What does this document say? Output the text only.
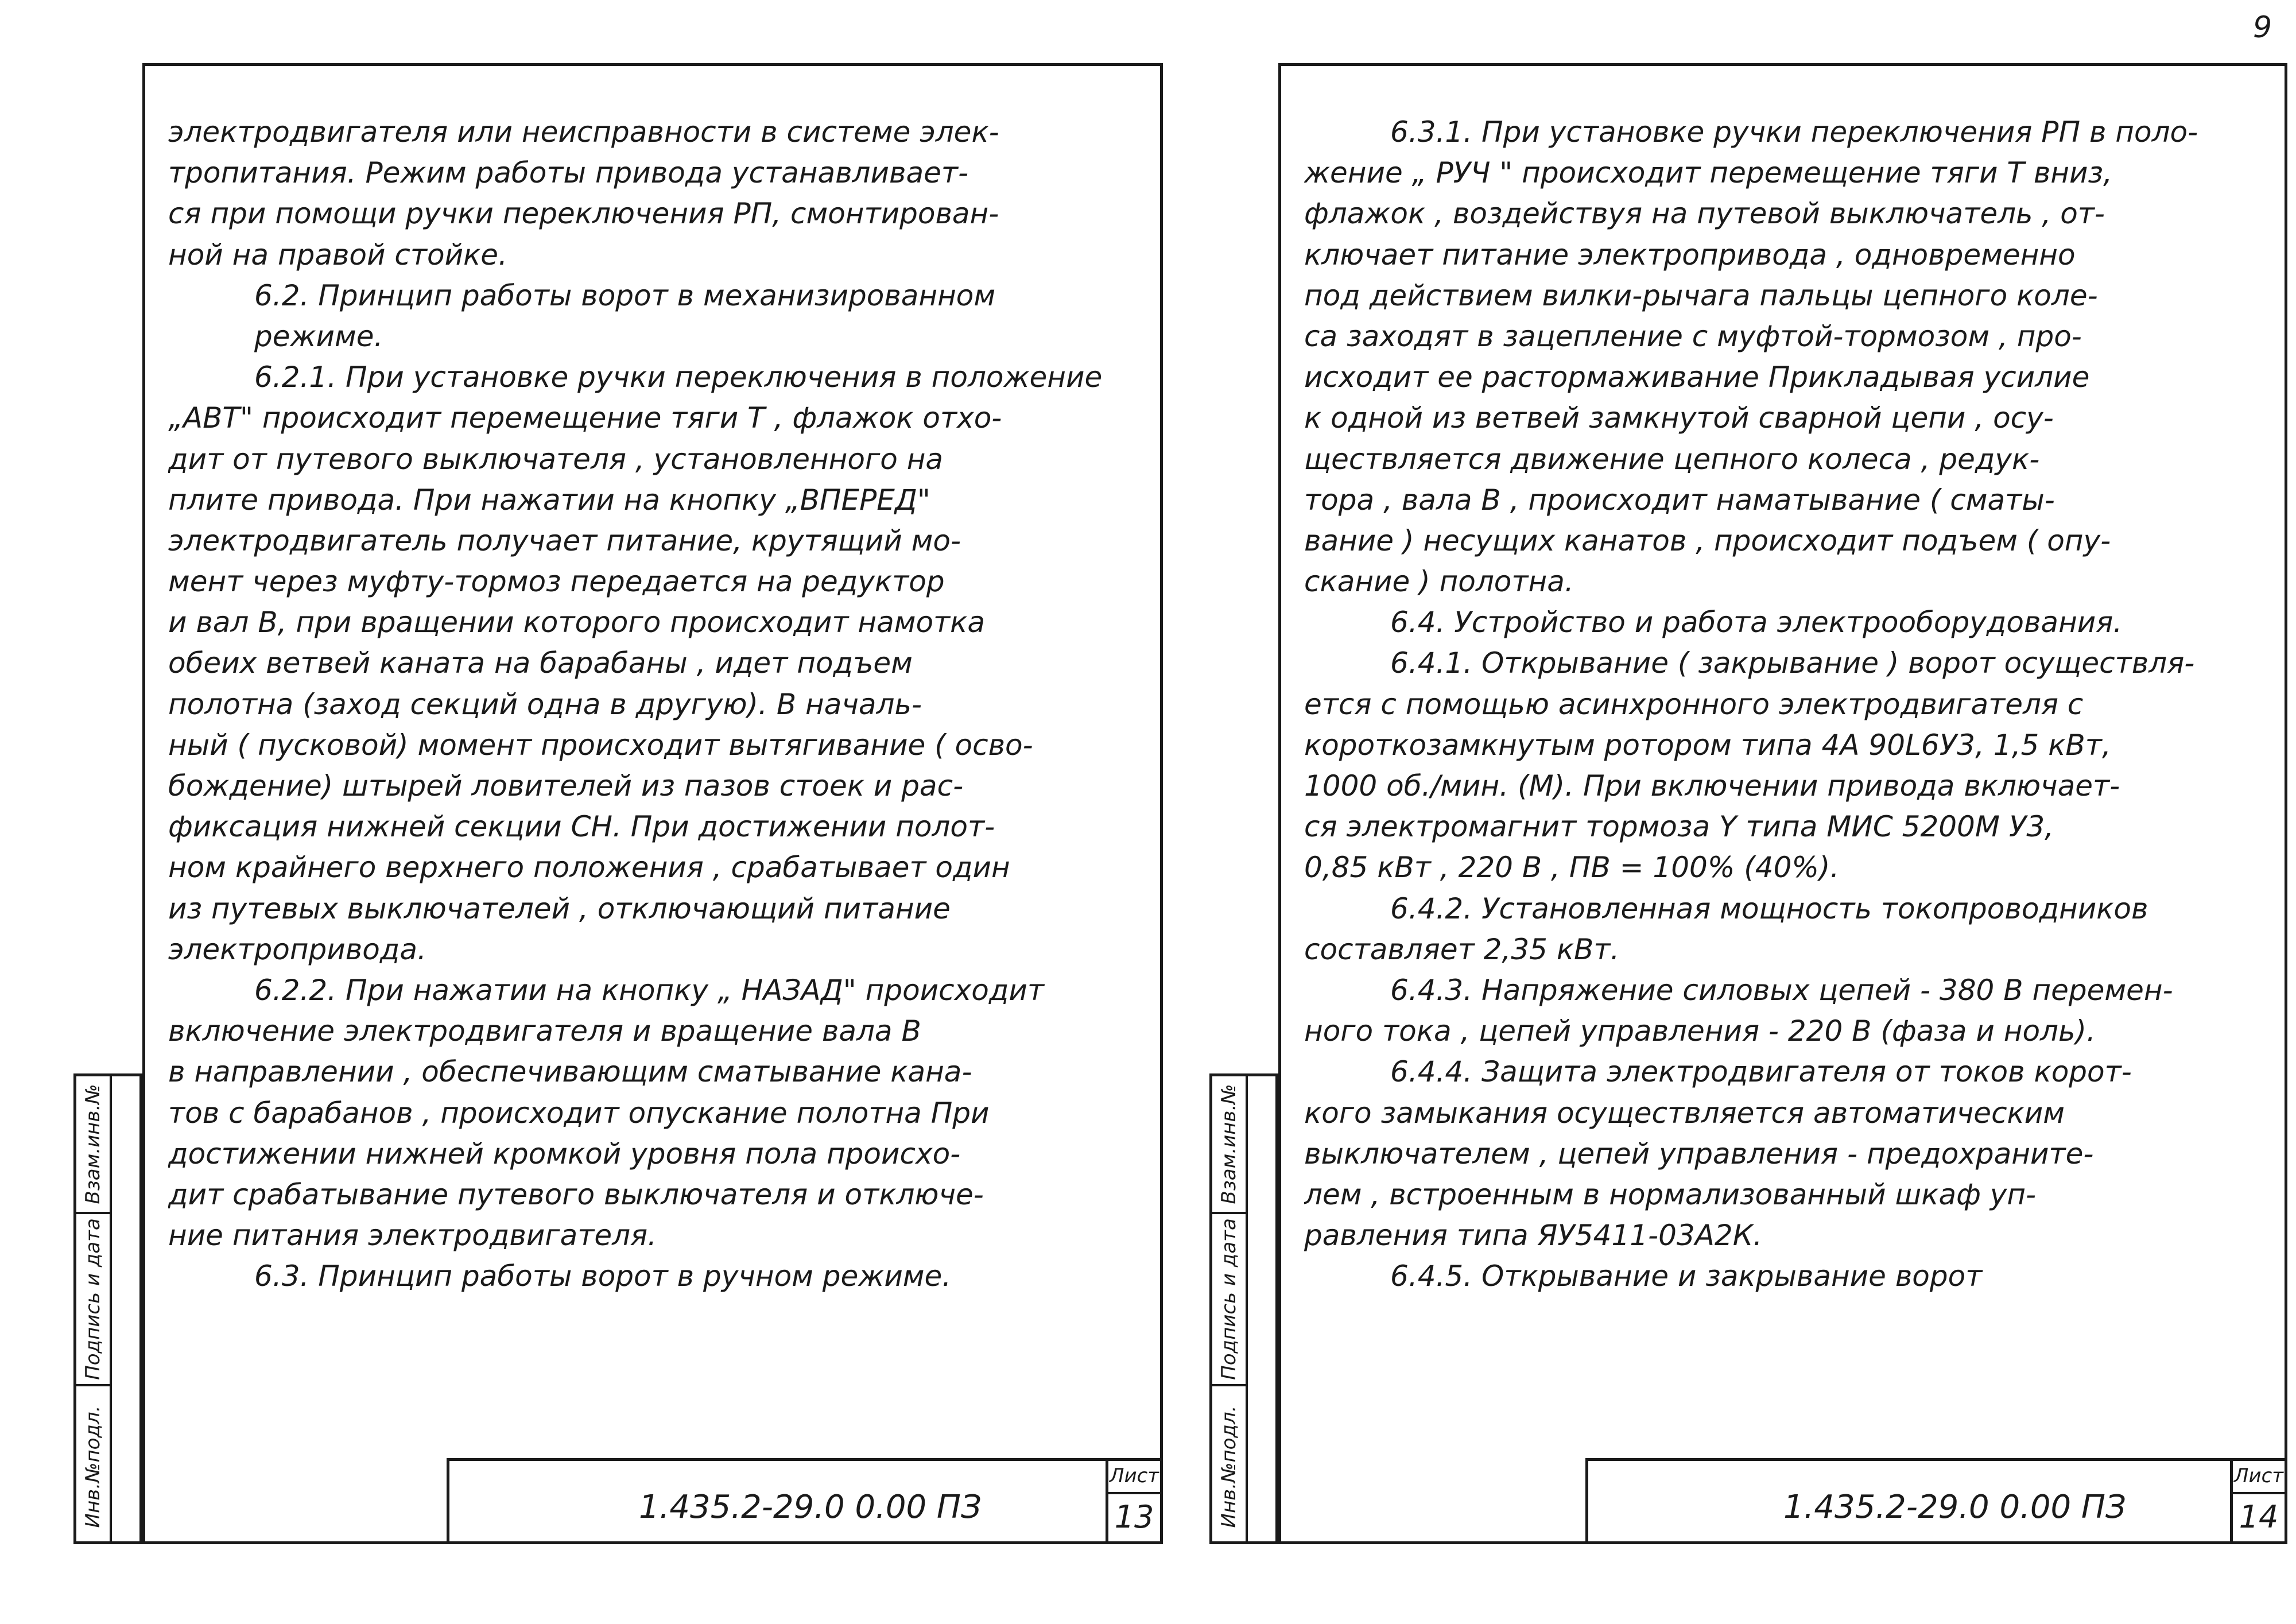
9
электродвигателя или неисправности в системе элек-
тропитания. Режим работы привода устанавливает-
ся при помощи ручки переключения РП, смонтирован-
ной на правой стойке.
6.2. Принцип работы ворот в механизированном
режиме.
6.2.1. При установке ручки переключения в положение
„АВТ" происходит перемещение тяги Т , флажок отхо-
дит от путевого выключателя , установленного на
плите привода. При нажатии на кнопку „ВПЕРЕД"
электродвигатель получает питание, крутящий мо-
мент через муфту-тормоз передается на редуктор
и вал В, при вращении которого происходит намотка
обеих ветвей каната на барабаны , идет подъем
полотна (заход секций одна в другую). В началь-
ный ( пусковой) момент происходит вытягивание ( освo-
бождение) штырей ловителей из пазов стоек и рас-
фиксация нижней секции СН. При достижении полот-
ном крайнего верхнего положения , срабатывает один
из путевых выключателей , отключающий питание
электропривода.
6.2.2. При нажатии на кнопку „ НАЗАД" происходит
включение электродвигателя и вращение вала В
в направлении , обеспечивающим сматывание кана-
тов с барабанов , происходит опускание полотна При
достижении нижней кромкой уровня пола происхо-
дит срабатывание путевого выключателя и отключе-
ние питания электродвигателя.
6.3. Принцип работы ворот в ручном режиме.
1.435.2-29.0 0.00 ПЗ
Лист
13
Взам.инв.№
Подпись и дата
Инв.№подл.
6.3.1. При установке ручки переключения РП в поло-
жение „ РУЧ " происходит перемещение тяги Т вниз,
флажок , воздействуя на путевой выключатель , от-
ключает питание электропривода , одновременно
под действием вилки-рычага пальцы цепного коле-
са заходят в зацепление с муфтой-тормозом , про-
исходит ее растормаживание Прикладывая усилие
к одной из ветвей замкнутой сварной цепи , осу-
ществляется движение цепного колеса , редук-
тора , вала В , происходит наматывание ( смaты-
вание ) несущих канатов , происходит подъем ( опу-
скание ) полотна.
6.4. Устройство и работа электрооборудования.
6.4.1. Открывание ( закрывание ) ворот осуществля-
ется с помощью асинхронного электродвигателя с
короткозамкнутым ротором типа 4А 90L6У3, 1,5 кВт,
1000 об./мин. (М). При включении привода включает-
ся электромагнит тормоза Y типа МИС 5200М У3,
0,85 кВт , 220 В , ПВ = 100% (40%).
6.4.2. Установленная мощность токопроводников
составляет 2,35 кВт.
6.4.3. Напряжение силовых цепей - 380 В перемен-
ного тока , цепей управления - 220 В (фаза и ноль).
6.4.4. Защита электродвигателя от токов корот-
кого замыкания осуществляется автоматическим
выключателем , цепей управления - предохраните-
лем , встроенным в нормализованный шкаф уп-
равления типа ЯУ5411-03А2К.
6.4.5. Открывание и закрывание ворот
1.435.2-29.0 0.00 ПЗ
Лист
14
Взам.инв.№
Подпись и дата
Инв.№подл.
